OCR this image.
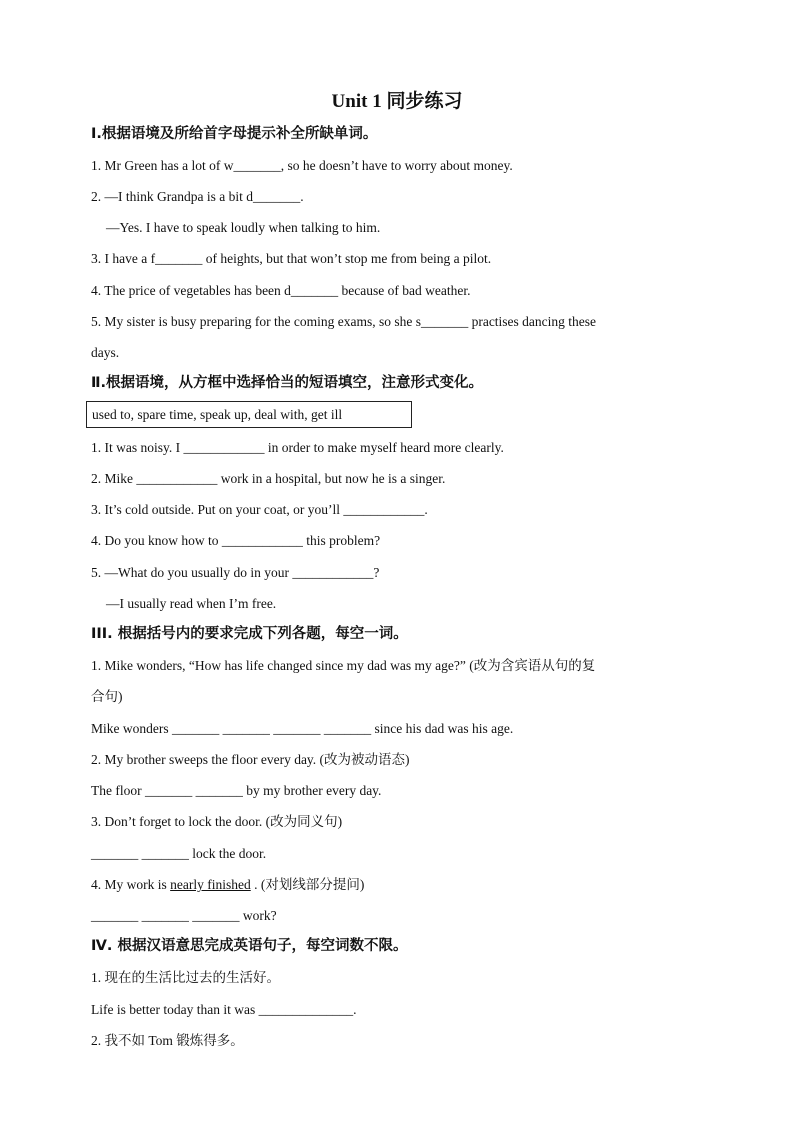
Unit 1 同步练习
Ⅰ.根据语境及所给首字母提示补全所缺单词。
1. Mr Green has a lot of w_______, so he doesn’t have to worry about money.
2. —I think Grandpa is a bit d_______.
—Yes. I have to speak loudly when talking to him.
3. I have a f_______ of heights, but that won’t stop me from being a pilot.
4. The price of vegetables has been d_______ because of bad weather.
5. My sister is busy preparing for the coming exams, so she s_______ practises dancing these
days.
Ⅱ.根据语境，从方框中选择恰当的短语填空，注意形式变化。
used to, spare time, speak up, deal with, get ill
1. It was noisy. I ____________ in order to make myself heard more clearly.
2. Mike ____________ work in a hospital, but now he is a singer.
3. It’s cold outside. Put on your coat, or you’ll ____________.
4. Do you know how to ____________ this problem?
5. —What do you usually do in your ____________?
—I usually read when I’m free.
III. 根据括号内的要求完成下列各题，每空一词。
1. Mike wonders, “How has life changed since my dad was my age?” (改为含宾语从句的复
合句)
Mike wonders _______ _______ _______ _______ since his dad was his age.
2. My brother sweeps the floor every day. (改为被动语态)
The floor _______ _______ by my brother every day.
3. Don’t forget to lock the door. (改为同义句)
_______ _______ lock the door.
4. My work is nearly finished . (对划线部分提问)
_______ _______ _______ work?
Ⅳ. 根据汉语意思完成英语句子，每空词数不限。
1. 现在的生活比过去的生活好。
Life is better today than it was ______________.
2. 我不如 Tom 锻炼得多。
